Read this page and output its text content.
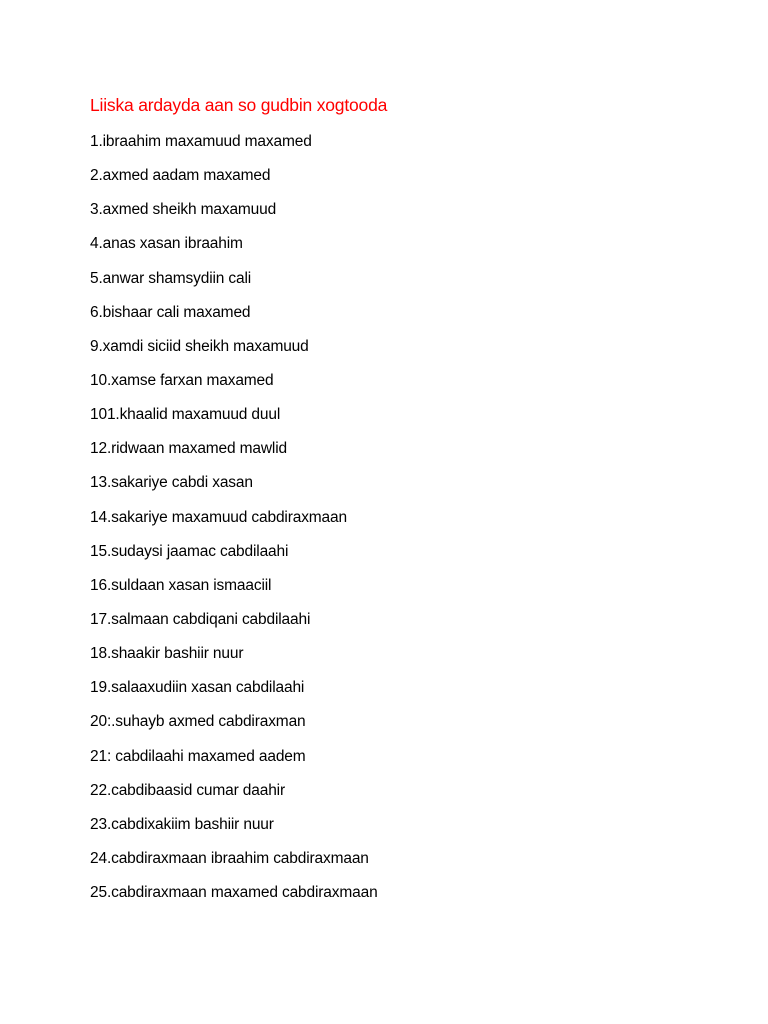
Liiska ardayda aan so gudbin xogtooda
1.ibraahim maxamuud maxamed
2.axmed aadam maxamed
3.axmed sheikh maxamuud
4.anas xasan ibraahim
5.anwar shamsydiin cali
6.bishaar cali maxamed
9.xamdi siciid sheikh maxamuud
10.xamse farxan maxamed
101.khaalid maxamuud duul
12.ridwaan maxamed mawlid
13.sakariye cabdi xasan
14.sakariye maxamuud cabdiraxmaan
15.sudaysi jaamac cabdilaahi
16.suldaan xasan ismaaciil
17.salmaan cabdiqani cabdilaahi
18.shaakir bashiir nuur
19.salaaxudiin xasan cabdilaahi
20:.suhayb axmed cabdiraxman
21: cabdilaahi maxamed aadem
22.cabdibaasid cumar daahir
23.cabdixakiim bashiir nuur
24.cabdiraxmaan ibraahim cabdiraxmaan
25.cabdiraxmaan maxamed cabdiraxmaan
